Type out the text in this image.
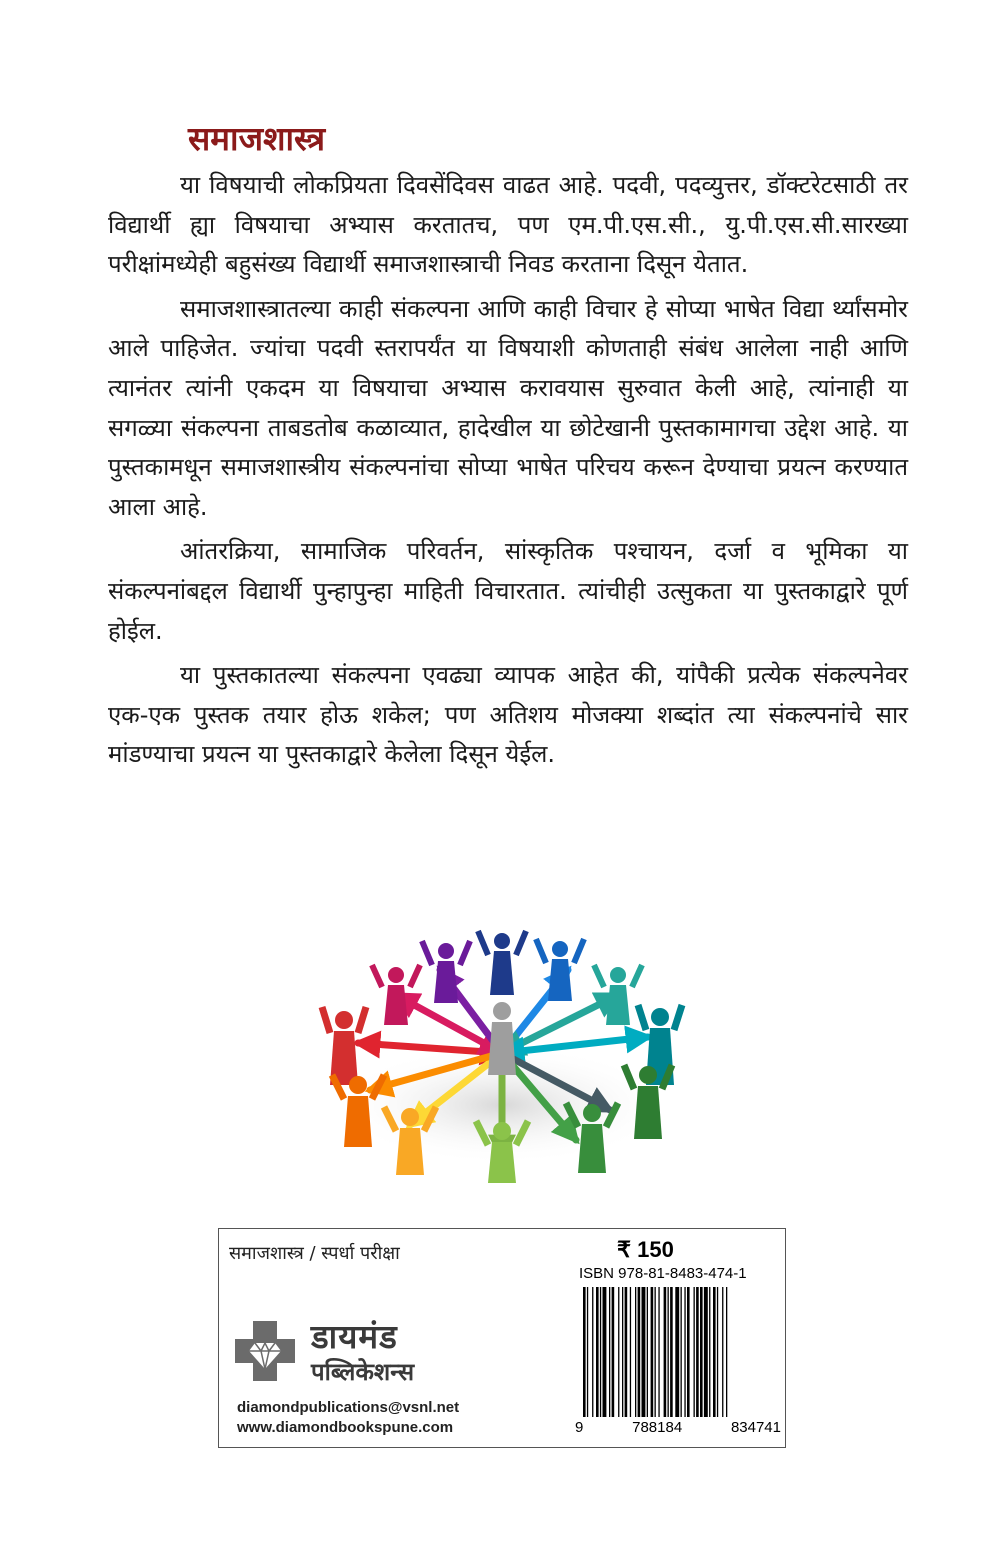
समाजशास्त्र

या विषयाची लोकप्रियता दिवसेंदिवस वाढत आहे. पदवी, पदव्युत्तर, डॉक्टरेटसाठी तर विद्यार्थी ह्या विषयाचा अभ्यास करतातच, पण एम.पी.एस.सी., यु.पी.एस.सी.सारख्या परीक्षांमध्येही बहुसंख्य विद्यार्थी समाजशास्त्राची निवड करताना दिसून येतात.

समाजशास्त्रातल्या काही संकल्पना आणि काही विचार हे सोप्या भाषेत विद्या र्थ्यांसमोर आले पाहिजेत. ज्यांचा पदवी स्तरापर्यंत या विषयाशी कोणताही संबंध आलेला नाही आणि त्यानंतर त्यांनी एकदम या विषयाचा अभ्यास करावयास सुरुवात केली आहे, त्यांनाही या सगळ्या संकल्पना ताबडतोब कळाव्यात, हादेखील या छोटेखानी पुस्तकामागचा उद्देश आहे. या पुस्तकामधून समाजशास्त्रीय संकल्पनांचा सोप्या भाषेत परिचय करून देण्याचा प्रयत्न करण्यात आला आहे.

आंतरक्रिया, सामाजिक परिवर्तन, सांस्कृतिक पश्चायन, दर्जा व भूमिका या संकल्पनांबद्दल विद्यार्थी पुन्हापुन्हा माहिती विचारतात. त्यांचीही उत्सुकता या पुस्तकाद्वारे पूर्ण होईल.

या पुस्तकातल्या संकल्पना एवढ्या व्यापक आहेत की, यांपैकी प्रत्येक संकल्पनेवर एक-एक पुस्तक तयार होऊ शकेल; पण अतिशय मोजक्या शब्दांत त्या संकल्पनांचे सार मांडण्याचा प्रयत्न या पुस्तकाद्वारे केलेला दिसून येईल.

समाजशास्त्र / स्पर्धा परीक्षा
डायमंड
पब्लिकेशन्स
diamondpublications@vsnl.net
www.diamondbookspune.com
₹ 150
ISBN 978-81-8483-474-1
9	788184	834741
